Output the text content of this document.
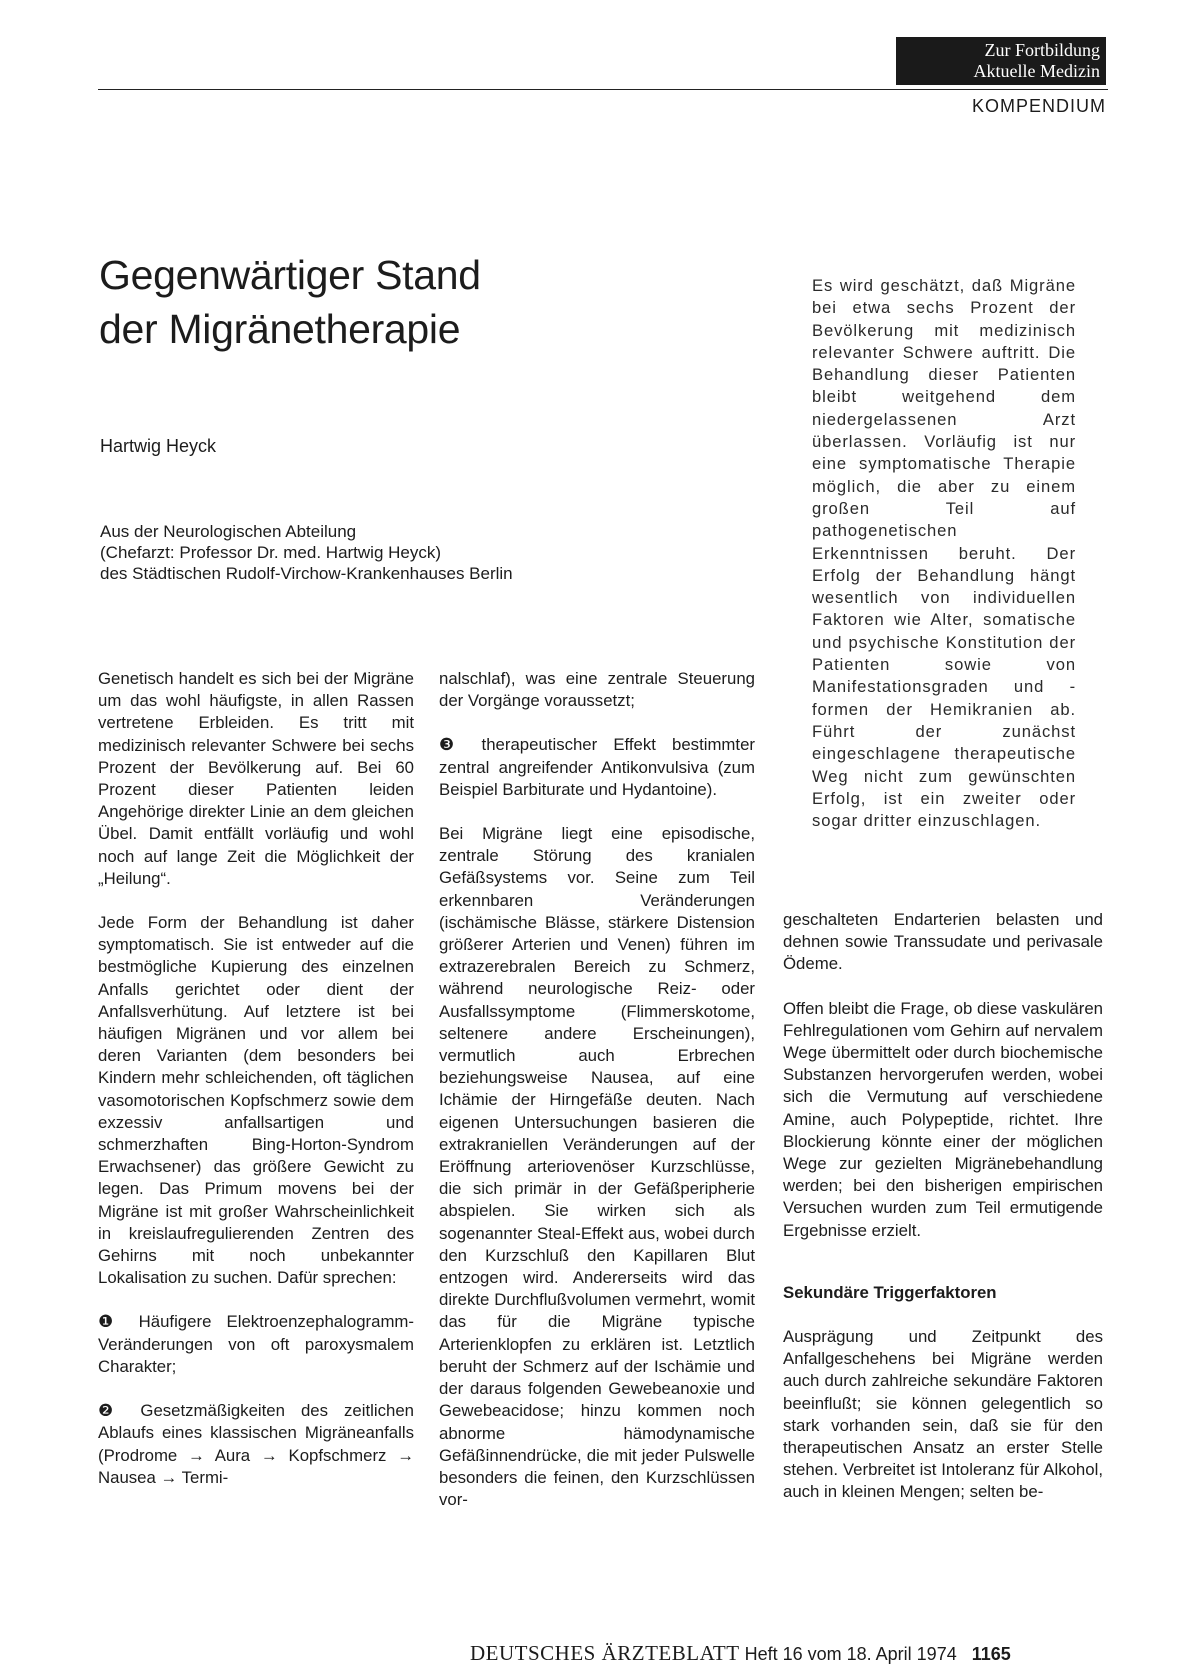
Zur Fortbildung
Aktuelle Medizin
KOMPENDIUM
Gegenwärtiger Stand
der Migränetherapie
Hartwig Heyck
Aus der Neurologischen Abteilung
(Chefarzt: Professor Dr. med. Hartwig Heyck)
des Städtischen Rudolf-Virchow-Krankenhauses Berlin

Es wird geschätzt, daß Migräne bei etwa sechs Prozent der Bevölkerung mit medizinisch relevanter Schwere auftritt. Die Behandlung dieser Patienten bleibt weitgehend dem niedergelassenen Arzt überlassen. Vorläufig ist nur eine symptomatische Therapie möglich, die aber zu einem großen Teil auf pathogenetischen Erkenntnissen beruht. Der Erfolg der Behandlung hängt wesentlich von individuellen Faktoren wie Alter, somatische und psychische Konstitution der Patienten sowie von Manifestationsgraden und -formen der Hemikranien ab. Führt der zunächst eingeschlagene therapeutische Weg nicht zum gewünschten Erfolg, ist ein zweiter oder sogar dritter einzuschlagen.

Genetisch handelt es sich bei der Migräne um das wohl häufigste, in allen Rassen vertretene Erbleiden. Es tritt mit medizinisch relevanter Schwere bei sechs Prozent der Bevölkerung auf. Bei 60 Prozent dieser Patienten leiden Angehörige direkter Linie an dem gleichen Übel. Damit entfällt vorläufig und wohl noch auf lange Zeit die Möglichkeit der „Heilung“.

Jede Form der Behandlung ist daher symptomatisch. Sie ist entweder auf die bestmögliche Kupierung des einzelnen Anfalls gerichtet oder dient der Anfallsverhütung. Auf letztere ist bei häufigen Migränen und vor allem bei deren Varianten (dem besonders bei Kindern mehr schleichenden, oft täglichen vasomotorischen Kopfschmerz sowie dem exzessiv anfallsartigen und schmerzhaften Bing-Horton-Syndrom Erwachsener) das größere Gewicht zu legen. Das Primum movens bei der Migräne ist mit großer Wahrscheinlichkeit in kreislaufregulierenden Zentren des Gehirns mit noch unbekannter Lokalisation zu suchen. Dafür sprechen:

❶ Häufigere Elektroenzephalogramm-Veränderungen von oft paroxysmalem Charakter;

❷ Gesetzmäßigkeiten des zeitlichen Ablaufs eines klassischen Migräneanfalls (Prodrome → Aura → Kopfschmerz → Nausea → Termi-

nalschlaf), was eine zentrale Steuerung der Vorgänge voraussetzt;

❸ therapeutischer Effekt bestimmter zentral angreifender Antikonvulsiva (zum Beispiel Barbiturate und Hydantoine).

Bei Migräne liegt eine episodische, zentrale Störung des kranialen Gefäßsystems vor. Seine zum Teil erkennbaren Veränderungen (ischämische Blässe, stärkere Distension größerer Arterien und Venen) führen im extrazerebralen Bereich zu Schmerz, während neurologische Reiz- oder Ausfallssymptome (Flimmerskotome, seltenere andere Erscheinungen), vermutlich auch Erbrechen beziehungsweise Nausea, auf eine Ichämie der Hirngefäße deuten. Nach eigenen Untersuchungen basieren die extrakraniellen Veränderungen auf der Eröffnung arteriovenöser Kurzschlüsse, die sich primär in der Gefäßperipherie abspielen. Sie wirken sich als sogenannter Steal-Effekt aus, wobei durch den Kurzschluß den Kapillaren Blut entzogen wird. Andererseits wird das direkte Durchflußvolumen vermehrt, womit das für die Migräne typische Arterienklopfen zu erklären ist. Letztlich beruht der Schmerz auf der Ischämie und der daraus folgenden Gewebeanoxie und Gewebeacidose; hinzu kommen noch abnorme hämodynamische Gefäßinnendrücke, die mit jeder Pulswelle besonders die feinen, den Kurzschlüssen vor-

geschalteten Endarterien belasten und dehnen sowie Transsudate und perivasale Ödeme.

Offen bleibt die Frage, ob diese vaskulären Fehlregulationen vom Gehirn auf nervalem Wege übermittelt oder durch biochemische Substanzen hervorgerufen werden, wobei sich die Vermutung auf verschiedene Amine, auch Polypeptide, richtet. Ihre Blockierung könnte einer der möglichen Wege zur gezielten Migränebehandlung werden; bei den bisherigen empirischen Versuchen wurden zum Teil ermutigende Ergebnisse erzielt.

Sekundäre Triggerfaktoren

Ausprägung und Zeitpunkt des Anfallgeschehens bei Migräne werden auch durch zahlreiche sekundäre Faktoren beeinflußt; sie können gelegentlich so stark vorhanden sein, daß sie für den therapeutischen Ansatz an erster Stelle stehen. Verbreitet ist Intoleranz für Alkohol, auch in kleinen Mengen; selten be-

DEUTSCHES ÄRZTEBLATT Heft 16 vom 18. April 1974 1165
